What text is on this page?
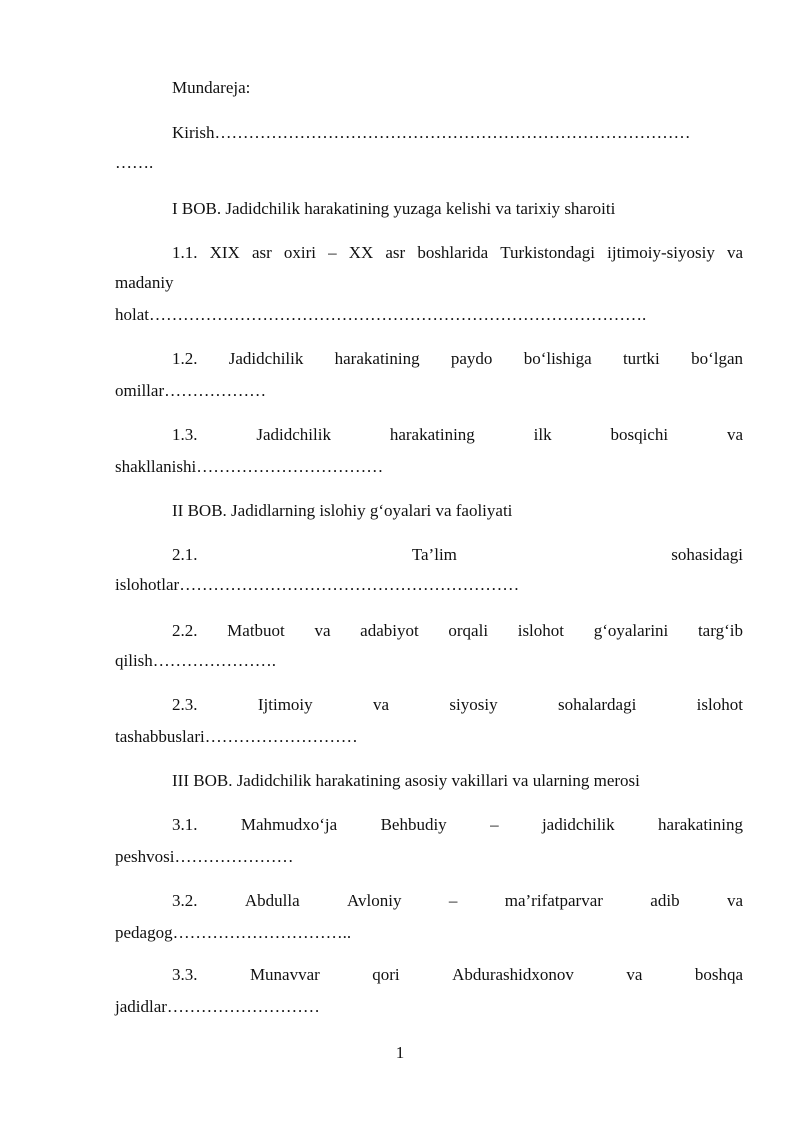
Mundareja:
Kirish…………………………………………………………………………
…….
I BOB. Jadidchilik harakatining yuzaga kelishi va tarixiy sharoiti
1.1. XIX asr oxiri – XX asr boshlarida Turkistondagi ijtimoiy-siyosiy va
madaniy
holat…………………………………………………………………………….
1.2. Jadidchilik harakatining paydo bo‘lishiga turtki bo‘lgan
omillar………………
1.3.	Jadidchilik	harakatining	ilk	bosqichi	va
shakllanishi……………………………
II BOB. Jadidlarning islohiy g‘oyalari va faoliyati
2.1.	Ta’lim	sohasidagi
islohotlar……………………………………………………
2.2. Matbuot va adabiyot orqali islohot g‘oyalarini targ‘ib
qilish………………….
2.3.	Ijtimoiy	va	siyosiy	sohalardagi	islohot
tashabbuslari………………………
III BOB. Jadidchilik harakatining asosiy vakillari va ularning merosi
3.1.	Mahmudxo‘ja	Behbudiy	–	jadidchilik	harakatining
peshvosi…………………
3.2.	Abdulla	Avloniy	–	ma’rifatparvar	adib	va
pedagog…………………………..
3.3.	Munavvar	qori	Abdurashidxonov	va	boshqa
jadidlar………………………
1
